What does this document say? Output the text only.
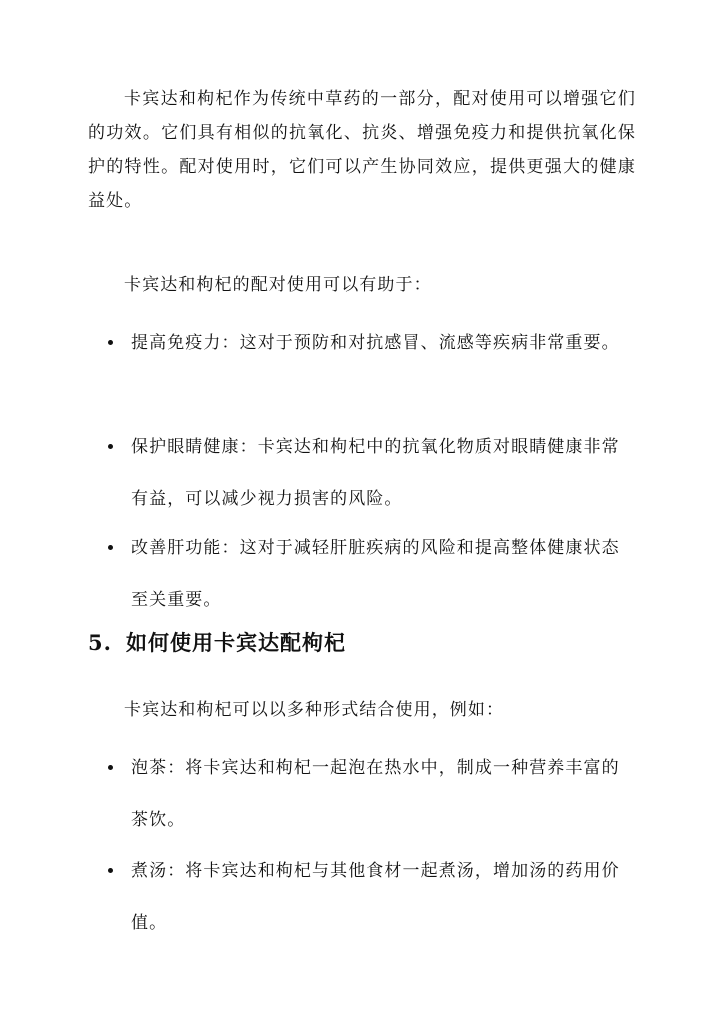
卡宾达和枸杞作为传统中草药的一部分，配对使用可以增强它们的功效。它们具有相似的抗氧化、抗炎、增强免疫力和提供抗氧化保护的特性。配对使用时，它们可以产生协同效应，提供更强大的健康益处。

卡宾达和枸杞的配对使用可以有助于：

提高免疫力：这对于预防和对抗感冒、流感等疾病非常重要。

保护眼睛健康：卡宾达和枸杞中的抗氧化物质对眼睛健康非常有益，可以减少视力损害的风险。

改善肝功能：这对于减轻肝脏疾病的风险和提高整体健康状态至关重要。

5. 如何使用卡宾达配枸杞

卡宾达和枸杞可以以多种形式结合使用，例如：

泡茶：将卡宾达和枸杞一起泡在热水中，制成一种营养丰富的茶饮。

煮汤：将卡宾达和枸杞与其他食材一起煮汤，增加汤的药用价值。
